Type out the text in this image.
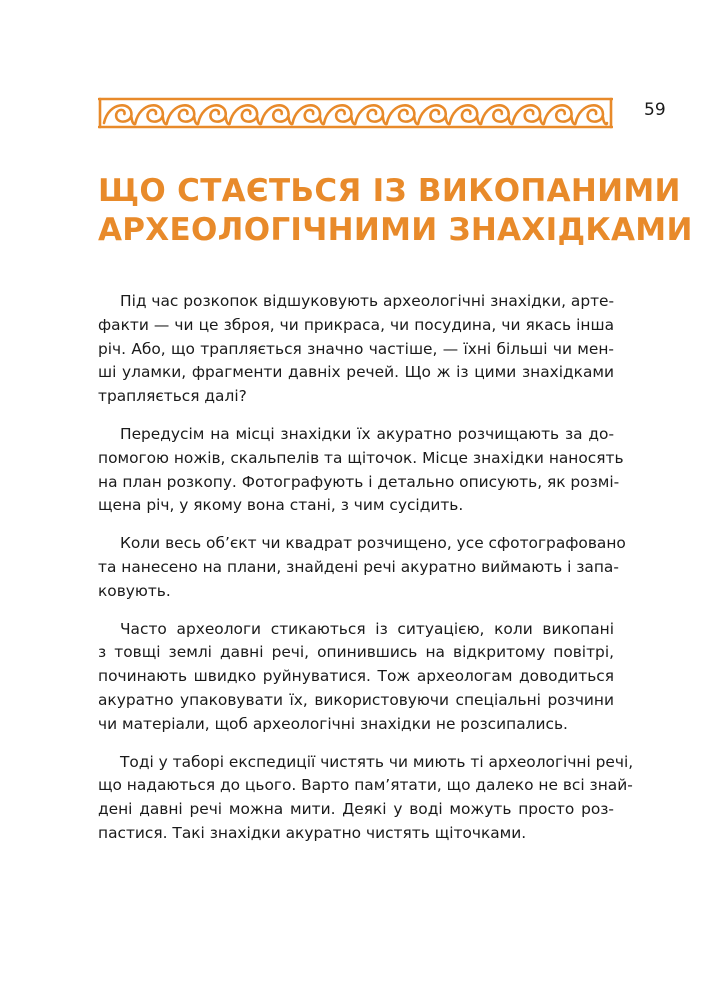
59
ЩО СТАЄТЬСЯ ІЗ ВИКОПАНИМИ
АРХЕОЛОГІЧНИМИ ЗНАХІДКАМИ

Під час розкопок відшуковують археологічні знахідки, арте-
факти — чи це зброя, чи прикраса, чи посудина, чи якась інша
річ. Або, що трапляється значно частіше, — їхні більші чи мен-
ші уламки, фрагменти давніх речей. Що ж із цими знахідками
трапляється далі?

Передусім на місці знахідки їх акуратно розчищають за до-
помогою ножів, скальпелів та щіточок. Місце знахідки наносять
на план розкопу. Фотографують і детально описують, як розмі-
щена річ, у якому вона стані, з чим сусідить.

Коли весь об’єкт чи квадрат розчищено, усе сфотографовано
та нанесено на плани, знайдені речі акуратно виймають і запа-
ковують.

Часто археологи стикаються із ситуацією, коли викопані
з товщі землі давні речі, опинившись на відкритому повітрі,
починають швидко руйнуватися. Тож археологам доводиться
акуратно упаковувати їх, використовуючи спеціальні розчини
чи матеріали, щоб археологічні знахідки не розсипались.

Тоді у таборі експедиції чистять чи миють ті археологічні речі,
що надаються до цього. Варто пам’ятати, що далеко не всі знай-
дені давні речі можна мити. Деякі у воді можуть просто роз-
пастися. Такі знахідки акуратно чистять щіточками.
